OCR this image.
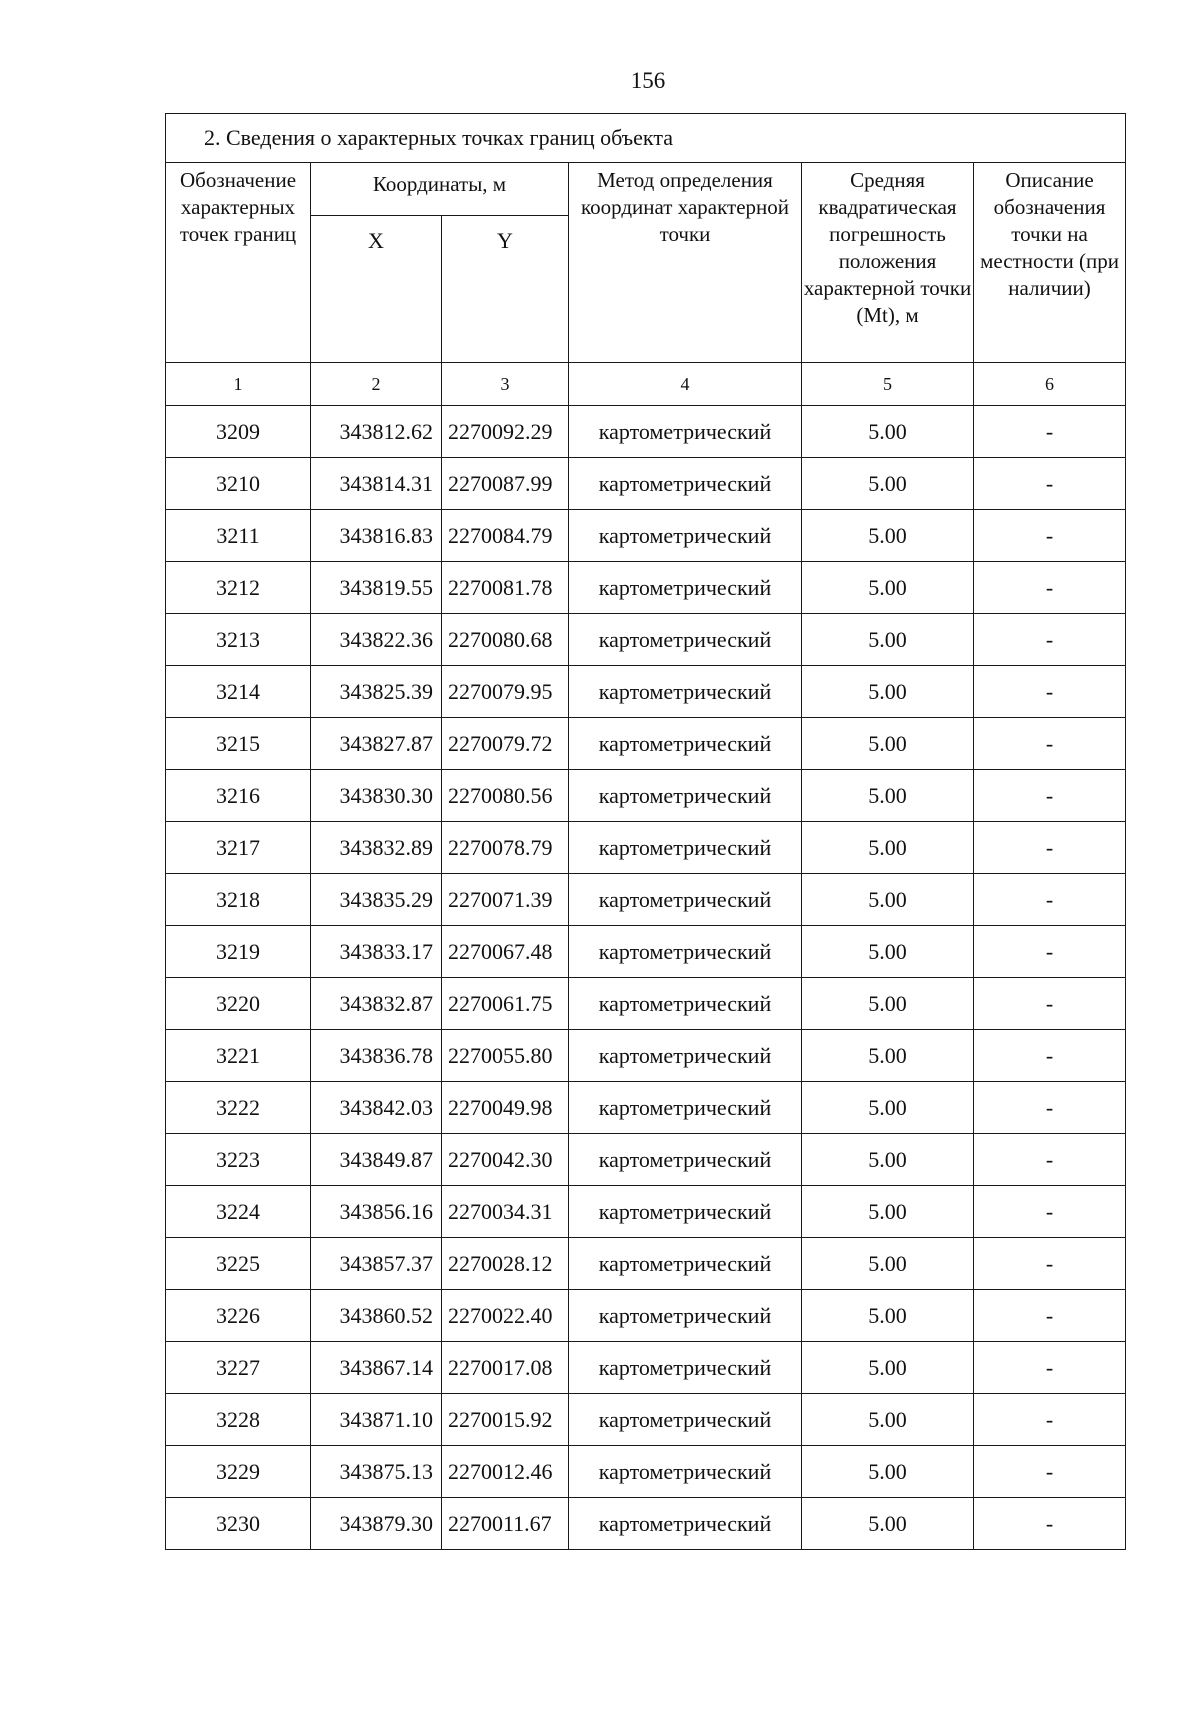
156
2. Сведения о характерных точках границ объекта					
Обозначение характерных точек границ	Координаты, м		Метод определения координат характерной точки	Средняя квадратическая погрешность положения характерной точки (Mt), м	Описание обозначения точки на местности (при наличии)
	X	Y			
1	2	3	4	5	6
3209	343812.62	2270092.29	картометрический	5.00	-
3210	343814.31	2270087.99	картометрический	5.00	-
3211	343816.83	2270084.79	картометрический	5.00	-
3212	343819.55	2270081.78	картометрический	5.00	-
3213	343822.36	2270080.68	картометрический	5.00	-
3214	343825.39	2270079.95	картометрический	5.00	-
3215	343827.87	2270079.72	картометрический	5.00	-
3216	343830.30	2270080.56	картометрический	5.00	-
3217	343832.89	2270078.79	картометрический	5.00	-
3218	343835.29	2270071.39	картометрический	5.00	-
3219	343833.17	2270067.48	картометрический	5.00	-
3220	343832.87	2270061.75	картометрический	5.00	-
3221	343836.78	2270055.80	картометрический	5.00	-
3222	343842.03	2270049.98	картометрический	5.00	-
3223	343849.87	2270042.30	картометрический	5.00	-
3224	343856.16	2270034.31	картометрический	5.00	-
3225	343857.37	2270028.12	картометрический	5.00	-
3226	343860.52	2270022.40	картометрический	5.00	-
3227	343867.14	2270017.08	картометрический	5.00	-
3228	343871.10	2270015.92	картометрический	5.00	-
3229	343875.13	2270012.46	картометрический	5.00	-
3230	343879.30	2270011.67	картометрический	5.00	-
